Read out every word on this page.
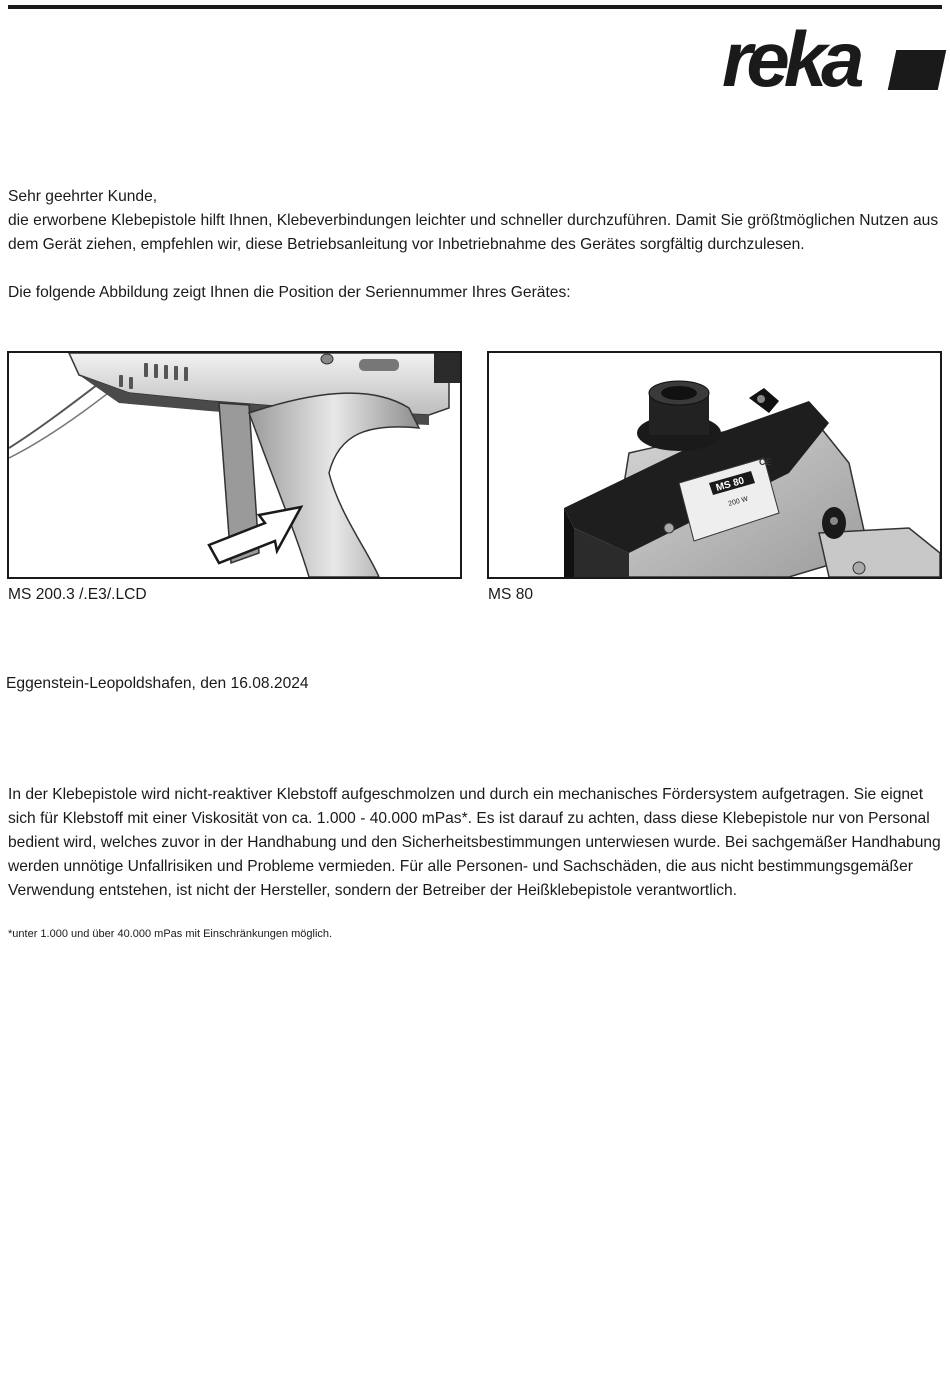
reka

Sehr geehrter Kunde,
die erworbene Klebepistole hilft Ihnen, Klebeverbindungen leichter und schneller durchzuführen. Damit Sie größtmöglichen Nutzen aus dem Gerät ziehen, empfehlen wir, diese Betriebsanleitung vor Inbetriebnahme des Gerätes sorgfältig durchzulesen.

Die folgende Abbildung zeigt Ihnen die Position der Seriennummer Ihres Gerätes:

MS 80
200 W
CE
MS 200.3 /.E3/.LCD	MS 80
Eggenstein-Leopoldshafen, den 16.08.2024

In der Klebepistole wird nicht-reaktiver Klebstoff aufgeschmolzen und durch ein mechanisches Fördersystem aufgetragen. Sie eignet sich für Klebstoff mit einer Viskosität von ca. 1.000 - 40.000 mPas*. Es ist darauf zu achten, dass diese Klebepistole nur von Personal bedient wird, welches zuvor in der Handhabung und den Sicherheitsbestimmungen unterwiesen wurde. Bei sachgemäßer Handhabung werden unnötige Unfallrisiken und Probleme vermieden. Für alle Personen- und Sachschäden, die aus nicht bestimmungsgemäßer Verwendung entstehen, ist nicht der Hersteller, sondern der Betreiber der Heißklebepistole verantwortlich.

*unter 1.000 und über 40.000 mPas mit Einschränkungen möglich.
